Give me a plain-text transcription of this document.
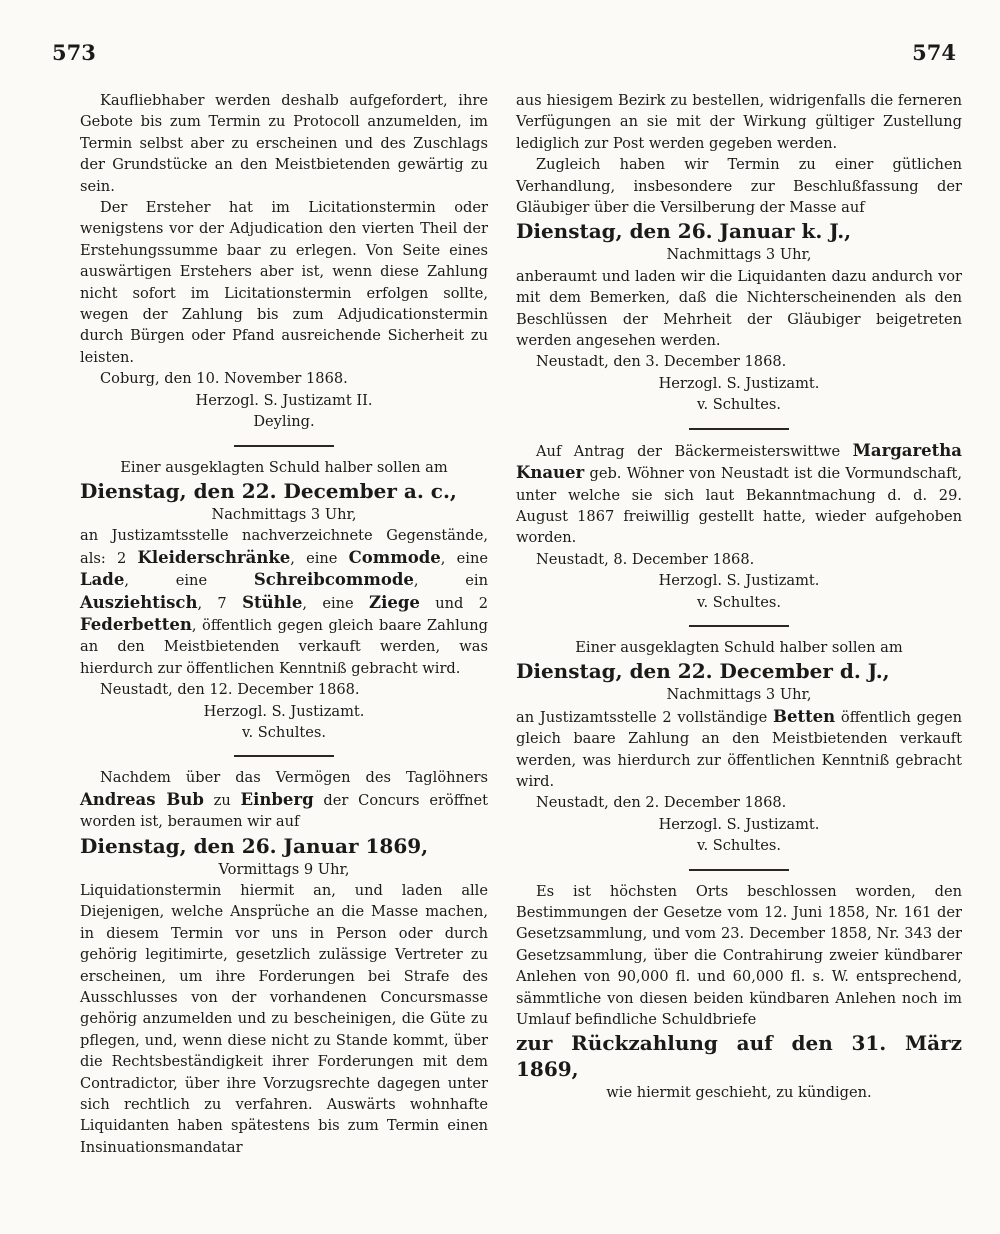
573	574

Kaufliebhaber werden deshalb aufgefordert, ihre Gebote bis zum Termin zu Protocoll anzumelden, im Termin selbst aber zu erscheinen und des Zuschlags der Grundstücke an den Meistbietenden gewärtig zu sein.

Der Ersteher hat im Licitationstermin oder wenigstens vor der Adjudication den vierten Theil der Erstehungssumme baar zu erlegen. Von Seite eines auswärtigen Erstehers aber ist, wenn diese Zahlung nicht sofort im Licitationstermin erfolgen sollte, wegen der Zahlung bis zum Adjudicationstermin durch Bürgen oder Pfand ausreichende Sicherheit zu leisten.

Coburg, den 10. November 1868.

Herzogl. S. Justizamt II.

Deyling.

Einer ausgeklagten Schuld halber sollen am

Dienstag, den 22. December a. c.,

Nachmittags 3 Uhr,

an Justizamtsstelle nachverzeichnete Gegenstände, als: 2 Kleiderschränke, eine Commode, eine Lade, eine Schreibcommode, ein Ausziehtisch, 7 Stühle, eine Ziege und 2 Federbetten, öffentlich gegen gleich baare Zahlung an den Meistbietenden verkauft werden, was hierdurch zur öffentlichen Kenntniß gebracht wird.

Neustadt, den 12. December 1868.

Herzogl. S. Justizamt.

v. Schultes.

Nachdem über das Vermögen des Taglöhners Andreas Bub zu Einberg der Concurs eröffnet worden ist, beraumen wir auf

Dienstag, den 26. Januar 1869,

Vormittags 9 Uhr,

Liquidationstermin hiermit an, und laden alle Diejenigen, welche Ansprüche an die Masse machen, in diesem Termin vor uns in Person oder durch gehörig legitimirte, gesetzlich zulässige Vertreter zu erscheinen, um ihre Forderungen bei Strafe des Ausschlusses von der vorhandenen Concursmasse gehörig anzumelden und zu bescheinigen, die Güte zu pflegen, und, wenn diese nicht zu Stande kommt, über die Rechtsbeständigkeit ihrer Forderungen mit dem Contradictor, über ihre Vorzugsrechte dagegen unter sich rechtlich zu verfahren. Auswärts wohnhafte Liquidanten haben spätestens bis zum Termin einen Insinuationsmandatar

aus hiesigem Bezirk zu bestellen, widrigenfalls die ferneren Verfügungen an sie mit der Wirkung gültiger Zustellung lediglich zur Post werden gegeben werden.

Zugleich haben wir Termin zu einer gütlichen Verhandlung, insbesondere zur Beschlußfassung der Gläubiger über die Versilberung der Masse auf

Dienstag, den 26. Januar k. J.,

Nachmittags 3 Uhr,

anberaumt und laden wir die Liquidanten dazu andurch vor mit dem Bemerken, daß die Nichterscheinenden als den Beschlüssen der Mehrheit der Gläubiger beigetreten werden angesehen werden.

Neustadt, den 3. December 1868.

Herzogl. S. Justizamt.

v. Schultes.

Auf Antrag der Bäckermeisterswittwe Margaretha Knauer geb. Wöhner von Neustadt ist die Vormundschaft, unter welche sie sich laut Bekanntmachung d. d. 29. August 1867 freiwillig gestellt hatte, wieder aufgehoben worden.

Neustadt, 8. December 1868.

Herzogl. S. Justizamt.

v. Schultes.

Einer ausgeklagten Schuld halber sollen am

Dienstag, den 22. December d. J.,

Nachmittags 3 Uhr,

an Justizamtsstelle 2 vollständige Betten öffentlich gegen gleich baare Zahlung an den Meistbietenden verkauft werden, was hierdurch zur öffentlichen Kenntniß gebracht wird.

Neustadt, den 2. December 1868.

Herzogl. S. Justizamt.

v. Schultes.

Es ist höchsten Orts beschlossen worden, den Bestimmungen der Gesetze vom 12. Juni 1858, Nr. 161 der Gesetzsammlung, und vom 23. December 1858, Nr. 343 der Gesetzsammlung, über die Contrahirung zweier kündbarer Anlehen von 90,000 fl. und 60,000 fl. s. W. entsprechend, sämmtliche von diesen beiden kündbaren Anlehen noch im Umlauf befindliche Schuldbriefe

zur Rückzahlung auf den 31. März 1869,

wie hiermit geschieht, zu kündigen.
